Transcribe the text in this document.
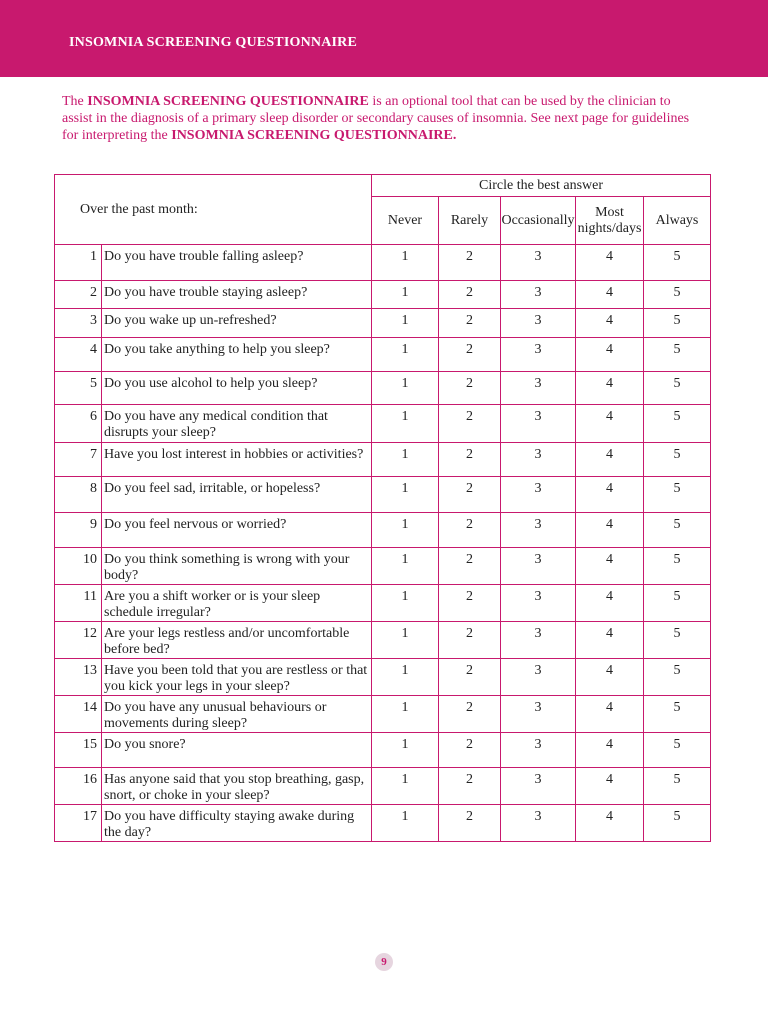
INSOMNIA SCREENING QUESTIONNAIRE
The INSOMNIA SCREENING QUESTIONNAIRE is an optional tool that can be used by the clinician to assist in the diagnosis of a primary sleep disorder or secondary causes of insomnia. See next page for guidelines for interpreting the INSOMNIA SCREENING QUESTIONNAIRE.
Over the past month:		Circle the best answer				
		Never	Rarely	Occasionally	Most nights/days	Always
1	Do you have trouble falling asleep?	1	2	3	4	5
2	Do you have trouble staying asleep?	1	2	3	4	5
3	Do you wake up un-refreshed?	1	2	3	4	5
4	Do you take anything to help you sleep?	1	2	3	4	5
5	Do you use alcohol to help you sleep?	1	2	3	4	5
6	Do you have any medical condition that disrupts your sleep?	1	2	3	4	5
7	Have you lost interest in hobbies or activities?	1	2	3	4	5
8	Do you feel sad, irritable, or hopeless?	1	2	3	4	5
9	Do you feel nervous or worried?	1	2	3	4	5
10	Do you think something is wrong with your body?	1	2	3	4	5
11	Are you a shift worker or is your sleep schedule irregular?	1	2	3	4	5
12	Are your legs restless and/or uncomfortable before bed?	1	2	3	4	5
13	Have you been told that you are restless or that you kick your legs in your sleep?	1	2	3	4	5
14	Do you have any unusual behaviours or movements during sleep?	1	2	3	4	5
15	Do you snore?	1	2	3	4	5
16	Has anyone said that you stop breathing, gasp, snort, or choke in your sleep?	1	2	3	4	5
17	Do you have difficulty staying awake during the day?	1	2	3	4	5
9
